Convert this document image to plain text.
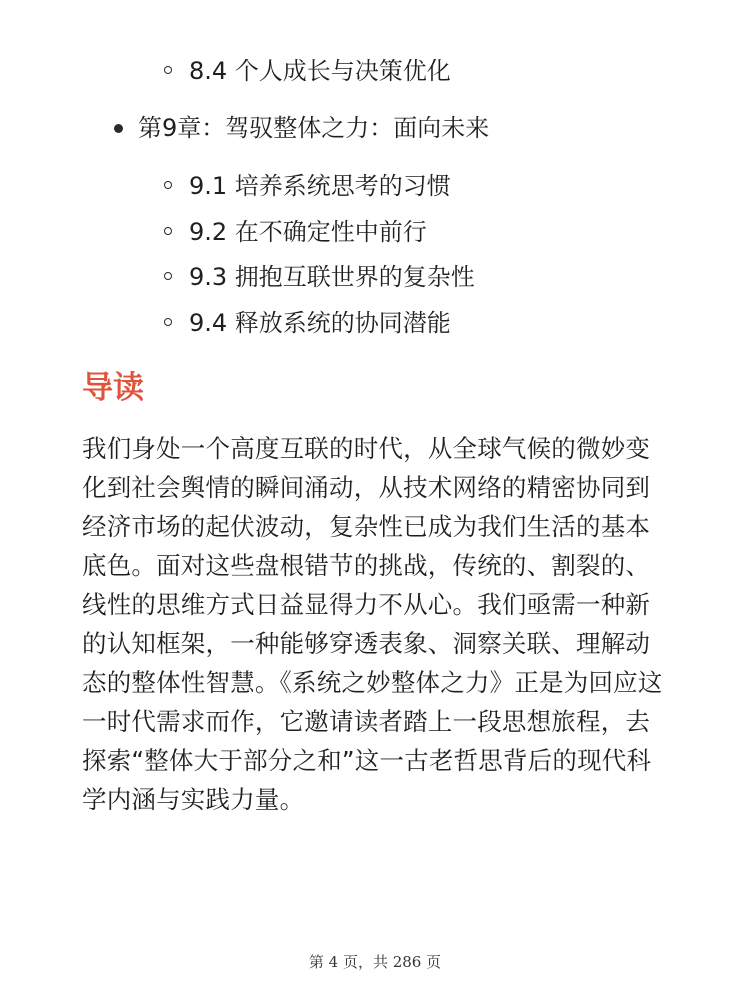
8.4 个人成长与决策优化
第9章：驾驭整体之力：面向未来
9.1 培养系统思考的习惯
9.2 在不确定性中前行
9.3 拥抱互联世界的复杂性
9.4 释放系统的协同潜能
导读

我们身处一个高度互联的时代，从全球气候的微妙变化到社会舆情的瞬间涌动，从技术网络的精密协同到经济市场的起伏波动，复杂性已成为我们生活的基本底色。面对这些盘根错节的挑战，传统的、割裂的、线性的思维方式日益显得力不从心。我们亟需一种新的认知框架，一种能够穿透表象、洞察关联、理解动态的整体性智慧。《系统之妙整体之力》正是为回应这一时代需求而作，它邀请读者踏上一段思想旅程，去探索“整体大于部分之和”这一古老哲思背后的现代科学内涵与实践力量。

第 4 页，共 286 页
